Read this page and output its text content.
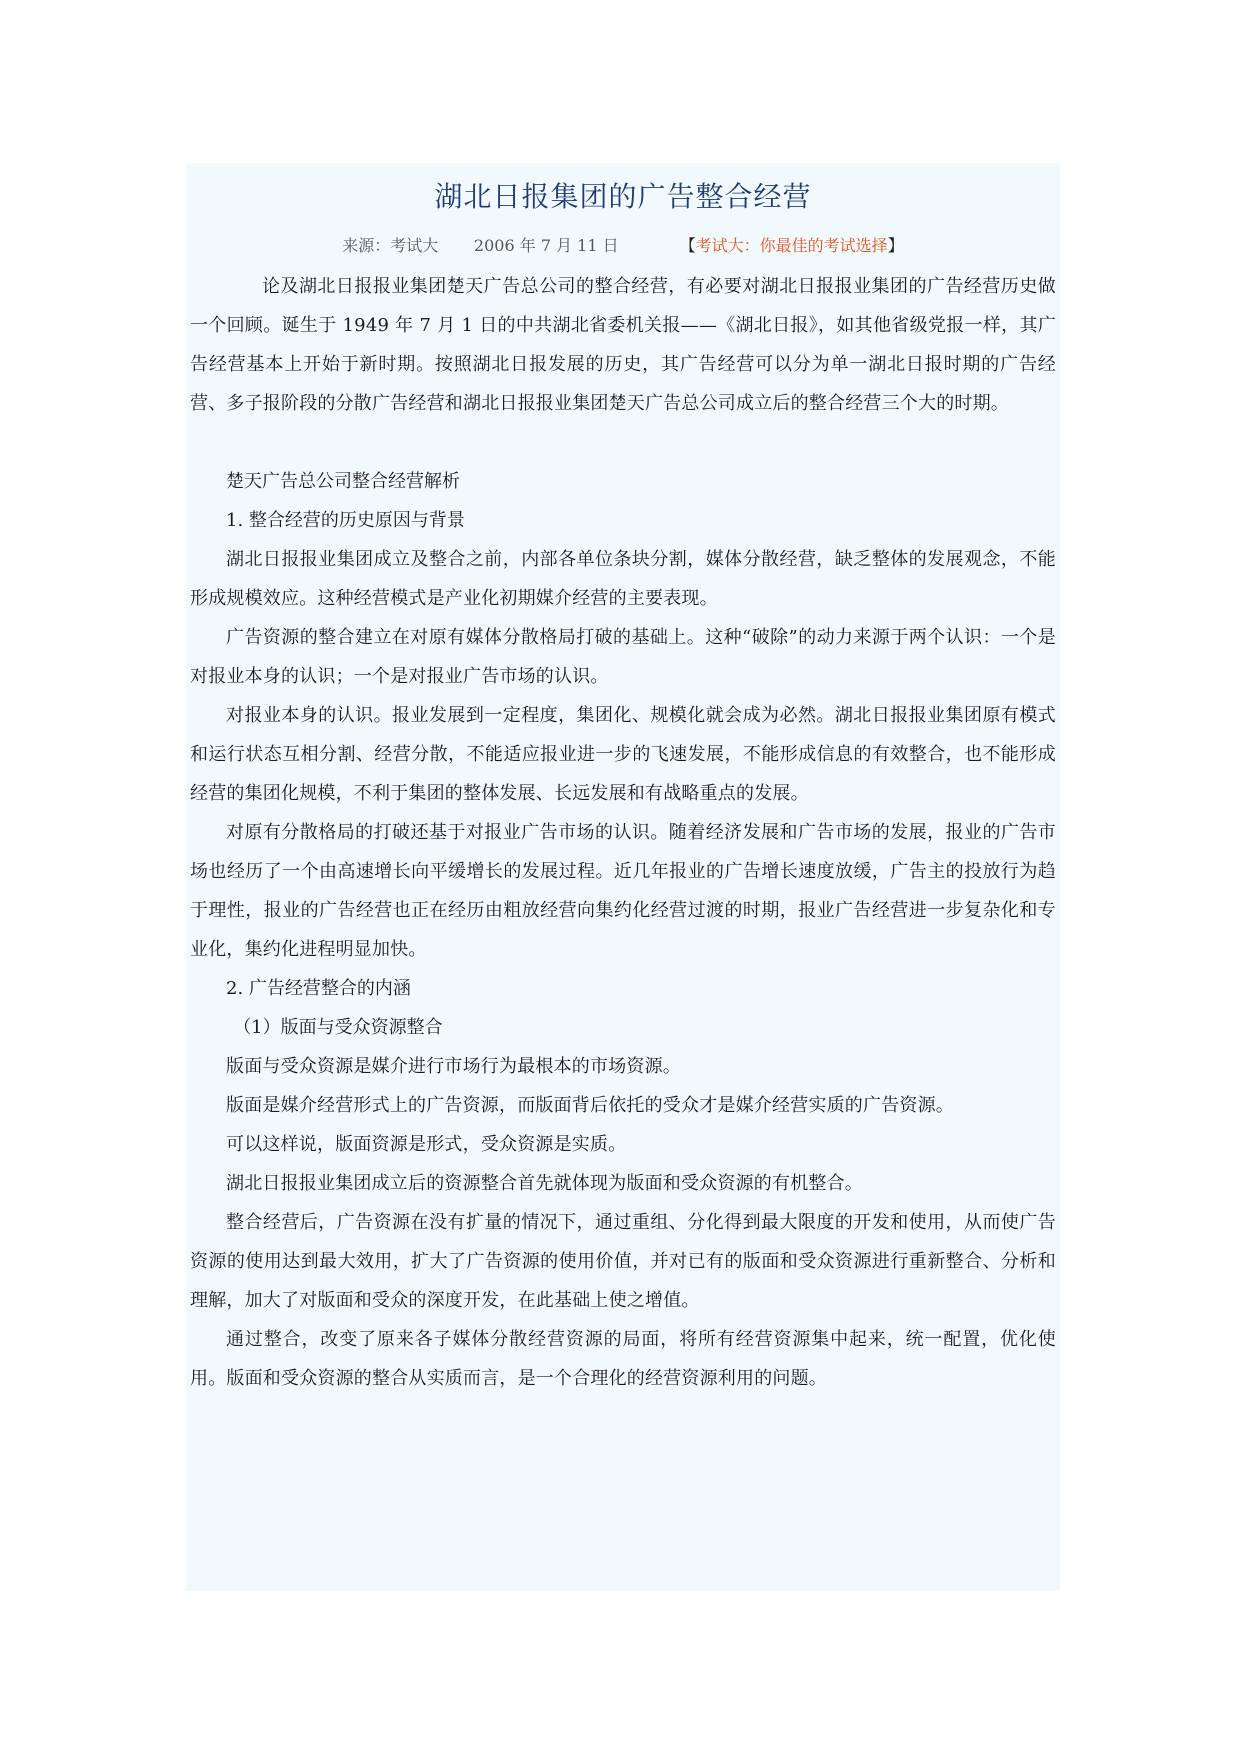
湖北日报集团的广告整合经营
来源：考试大 2006 年 7 月 11 日	【考试大：你最佳的考试选择】

论及湖北日报报业集团楚天广告总公司的整合经营，有必要对湖北日报报业集团的广告经营历史做一个回顾。诞生于 1949 年 7 月 1 日的中共湖北省委机关报——《湖北日报》，如其他省级党报一样，其广告经营基本上开始于新时期。按照湖北日报发展的历史，其广告经营可以分为单一湖北日报时期的广告经营、多子报阶段的分散广告经营和湖北日报报业集团楚天广告总公司成立后的整合经营三个大的时期。

楚天广告总公司整合经营解析

1. 整合经营的历史原因与背景

湖北日报报业集团成立及整合之前，内部各单位条块分割，媒体分散经营，缺乏整体的发展观念，不能形成规模效应。这种经营模式是产业化初期媒介经营的主要表现。

广告资源的整合建立在对原有媒体分散格局打破的基础上。这种“破除”的动力来源于两个认识：一个是对报业本身的认识；一个是对报业广告市场的认识。

对报业本身的认识。报业发展到一定程度，集团化、规模化就会成为必然。湖北日报报业集团原有模式和运行状态互相分割、经营分散，不能适应报业进一步的飞速发展，不能形成信息的有效整合，也不能形成经营的集团化规模，不利于集团的整体发展、长远发展和有战略重点的发展。

对原有分散格局的打破还基于对报业广告市场的认识。随着经济发展和广告市场的发展，报业的广告市场也经历了一个由高速增长向平缓增长的发展过程。近几年报业的广告增长速度放缓，广告主的投放行为趋于理性，报业的广告经营也正在经历由粗放经营向集约化经营过渡的时期，报业广告经营进一步复杂化和专业化，集约化进程明显加快。

2. 广告经营整合的内涵

（1）版面与受众资源整合

版面与受众资源是媒介进行市场行为最根本的市场资源。

版面是媒介经营形式上的广告资源，而版面背后依托的受众才是媒介经营实质的广告资源。

可以这样说，版面资源是形式，受众资源是实质。

湖北日报报业集团成立后的资源整合首先就体现为版面和受众资源的有机整合。

整合经营后，广告资源在没有扩量的情况下，通过重组、分化得到最大限度的开发和使用，从而使广告资源的使用达到最大效用，扩大了广告资源的使用价值，并对已有的版面和受众资源进行重新整合、分析和理解，加大了对版面和受众的深度开发，在此基础上使之增值。

通过整合，改变了原来各子媒体分散经营资源的局面，将所有经营资源集中起来，统一配置，优化使用。版面和受众资源的整合从实质而言，是一个合理化的经营资源利用的问题。
